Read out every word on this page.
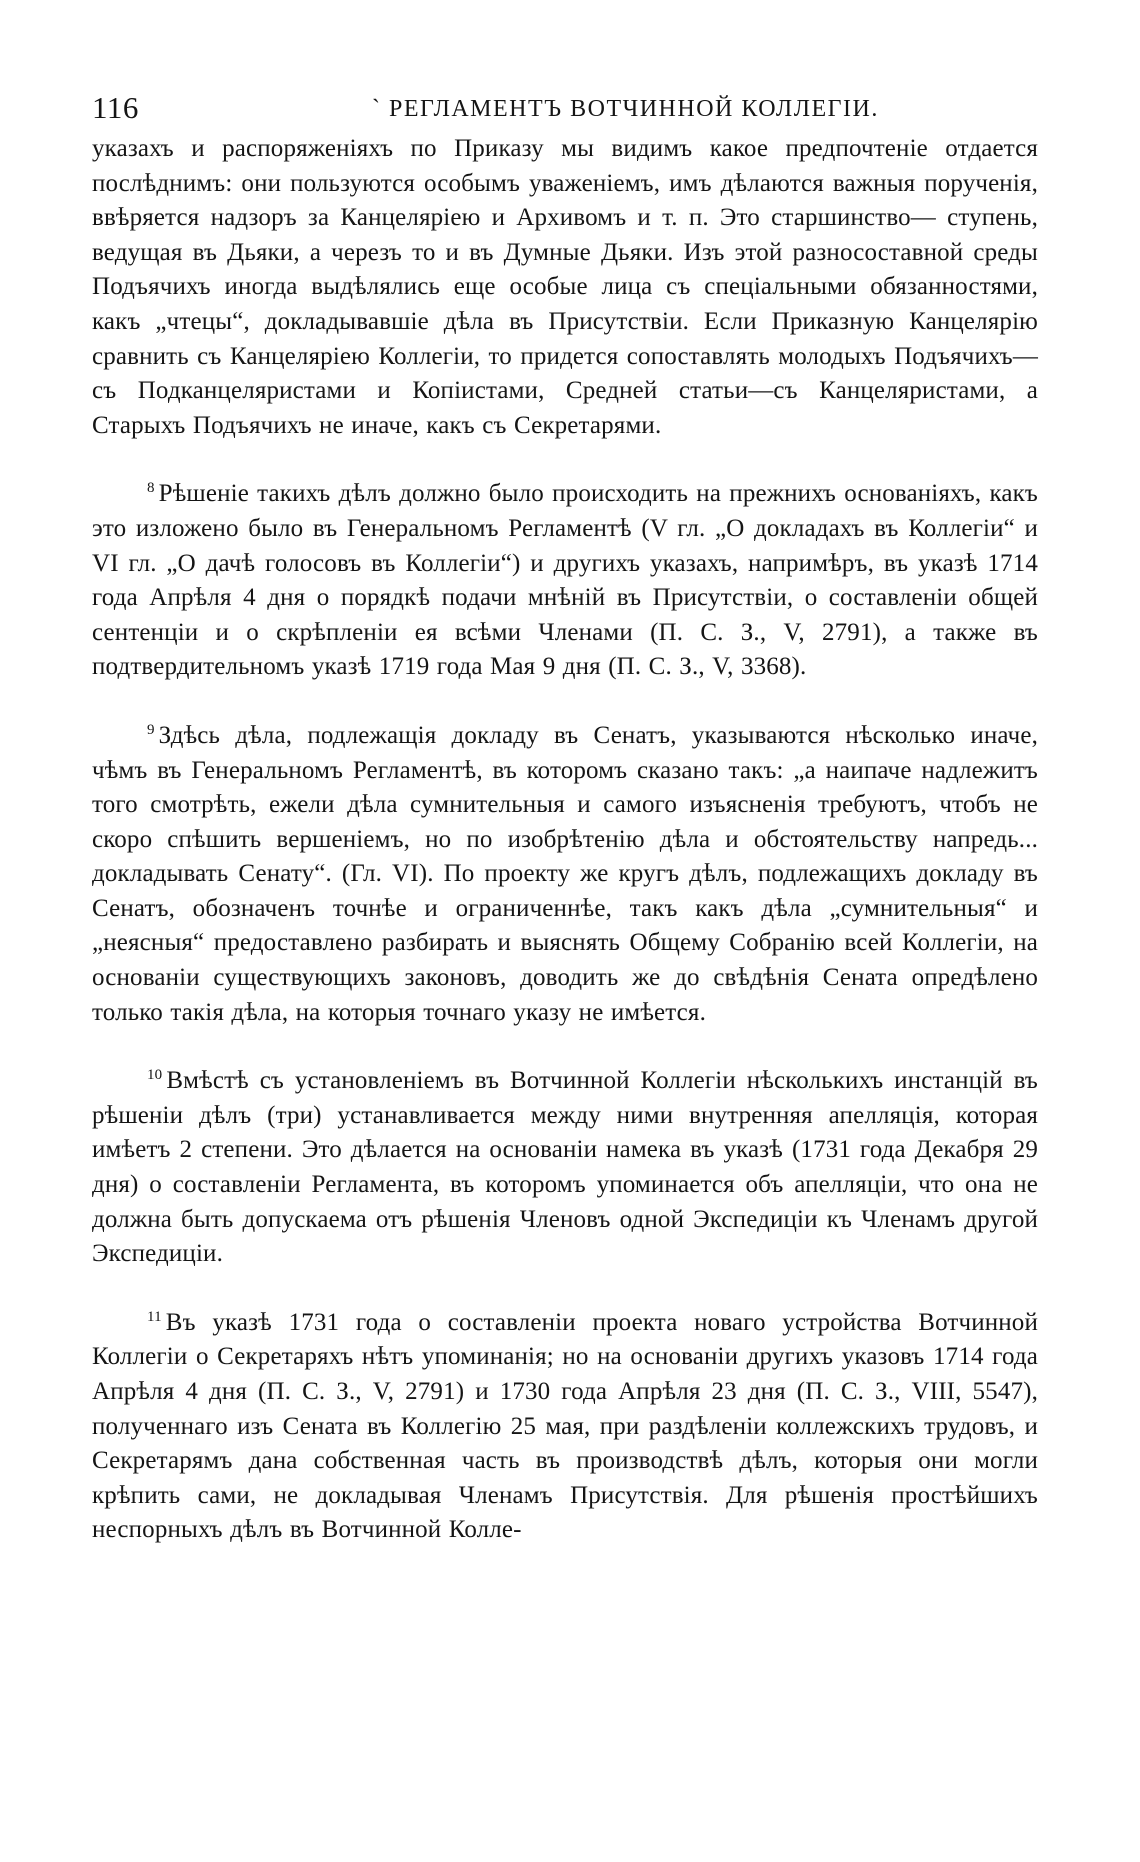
116	` РЕГЛАМЕНТЪ ВОТЧИННОЙ КОЛЛЕГІИ.

указахъ и распоряженіяхъ по Приказу мы видимъ какое предпочтеніе отдается послѣднимъ: они пользуются особымъ уваженіемъ, имъ дѣлаются важныя порученія, ввѣряется надзоръ за Канцеляріею и Архивомъ и т. п. Это старшинство— ступень, ведущая въ Дьяки, а черезъ то и въ Думные Дьяки. Изъ этой разносоставной среды Подъячихъ иногда выдѣлялись еще особые лица съ спеціальными обязанностями, какъ „чтецы“, докладывавшіе дѣла въ Присутствіи. Если Приказную Канцелярію сравнить съ Канцеляріею Коллегіи, то придется сопоставлять молодыхъ Подъячихъ—съ Подканцеляристами и Копіистами, Средней статьи—съ Канцеляристами, а Старыхъ Подъячихъ не иначе, какъ съ Секретарями.

$^8$ Рѣшеніе такихъ дѣлъ должно было происходить на прежнихъ основаніяхъ, какъ это изложено было въ Генеральномъ Регламентѣ (V гл. „О докладахъ въ Коллегіи“ и VI гл. „О дачѣ голосовъ въ Коллегіи“) и другихъ указахъ, напримѣръ, въ указѣ 1714 года Апрѣля 4 дня о порядкѣ подачи мнѣній въ Присутствіи, о составленіи общей сентенціи и о скрѣпленіи ея всѣми Членами (П. С. З., V, 2791), а также въ подтвердительномъ указѣ 1719 года Мая 9 дня (П. С. З., V, 3368).

$^9$ Здѣсь дѣла, подлежащія докладу въ Сенатъ, указываются нѣсколько иначе, чѣмъ въ Генеральномъ Регламентѣ, въ которомъ сказано такъ: „а наипаче надлежитъ того смотрѣть, ежели дѣла сумнительныя и самого изъясненія требуютъ, чтобъ не скоро спѣшить вершеніемъ, но по изобрѣтенію дѣла и обстоятельству напредь... докладывать Сенату“. (Гл. VI). По проекту же кругъ дѣлъ, подлежащихъ докладу въ Сенатъ, обозначенъ точнѣе и ограниченнѣе, такъ какъ дѣла „сумнительныя“ и „неясныя“ предоставлено разбирать и выяснять Общему Собранію всей Коллегіи, на основаніи существующихъ законовъ, доводить же до свѣдѣнія Сената опредѣлено только такія дѣла, на которыя точнаго указу не имѣется.

$^{10}$ Вмѣстѣ съ установленіемъ въ Вотчинной Коллегіи нѣсколькихъ инстанцій въ рѣшеніи дѣлъ (три) устанавливается между ними внутренняя апелляція, которая имѣетъ 2 степени. Это дѣлается на основаніи намека въ указѣ (1731 года Декабря 29 дня) о составленіи Регламента, въ которомъ упоминается объ апелляціи, что она не должна быть допускаема отъ рѣшенія Членовъ одной Экспедиціи къ Членамъ другой Экспедиціи.

$^{11}$ Въ указѣ 1731 года о составленіи проекта новаго устройства Вотчинной Коллегіи о Секретаряхъ нѣтъ упоминанія; но на основаніи другихъ указовъ 1714 года Апрѣля 4 дня (П. С. З., V, 2791) и 1730 года Апрѣля 23 дня (П. С. З., VIII, 5547), полученнаго изъ Сената въ Коллегію 25 мая, при раздѣленіи коллежскихъ трудовъ, и Секретарямъ дана собственная часть въ производствѣ дѣлъ, которыя они могли крѣпить сами, не докладывая Членамъ Присутствія. Для рѣшенія простѣйшихъ неспорныхъ дѣлъ въ Вотчинной Колле-
